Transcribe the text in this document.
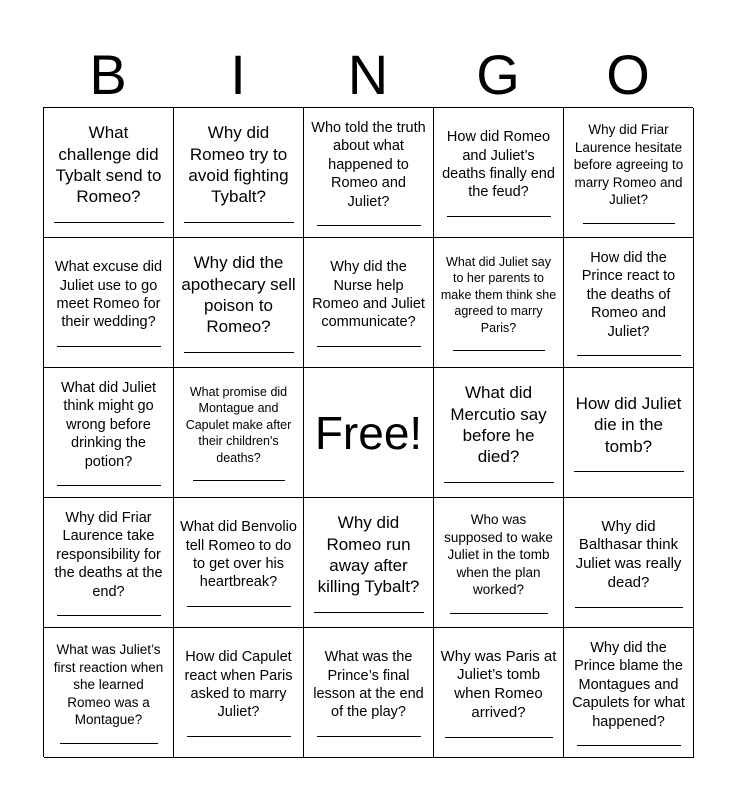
B	I	N	G	O
What challenge did Tybalt send to Romeo?
Why did Romeo try to avoid fighting Tybalt?
Who told the truth about what happened to Romeo and Juliet?
How did Romeo and Juliet’s deaths finally end the feud?
Why did Friar Laurence hesitate before agreeing to marry Romeo and Juliet?
What excuse did Juliet use to go meet Romeo for their wedding?
Why did the apothecary sell poison to Romeo?
Why did the Nurse help Romeo and Juliet communicate?
What did Juliet say to her parents to make them think she agreed to marry Paris?
How did the Prince react to the deaths of Romeo and Juliet?
What did Juliet think might go wrong before drinking the potion?
What promise did Montague and Capulet make after their children's deaths?	Free!
What did Mercutio say before he died?
How did Juliet die in the tomb?
Why did Friar Laurence take responsibility for the deaths at the end?
What did Benvolio tell Romeo to do to get over his heartbreak?
Why did Romeo run away after killing Tybalt?
Who was supposed to wake Juliet in the tomb when the plan worked?
Why did Balthasar think Juliet was really dead?
What was Juliet’s first reaction when she learned Romeo was a Montague?
How did Capulet react when Paris asked to marry Juliet?
What was the Prince’s final lesson at the end of the play?
Why was Paris at Juliet’s tomb when Romeo arrived?
Why did the Prince blame the Montagues and Capulets for what happened?
